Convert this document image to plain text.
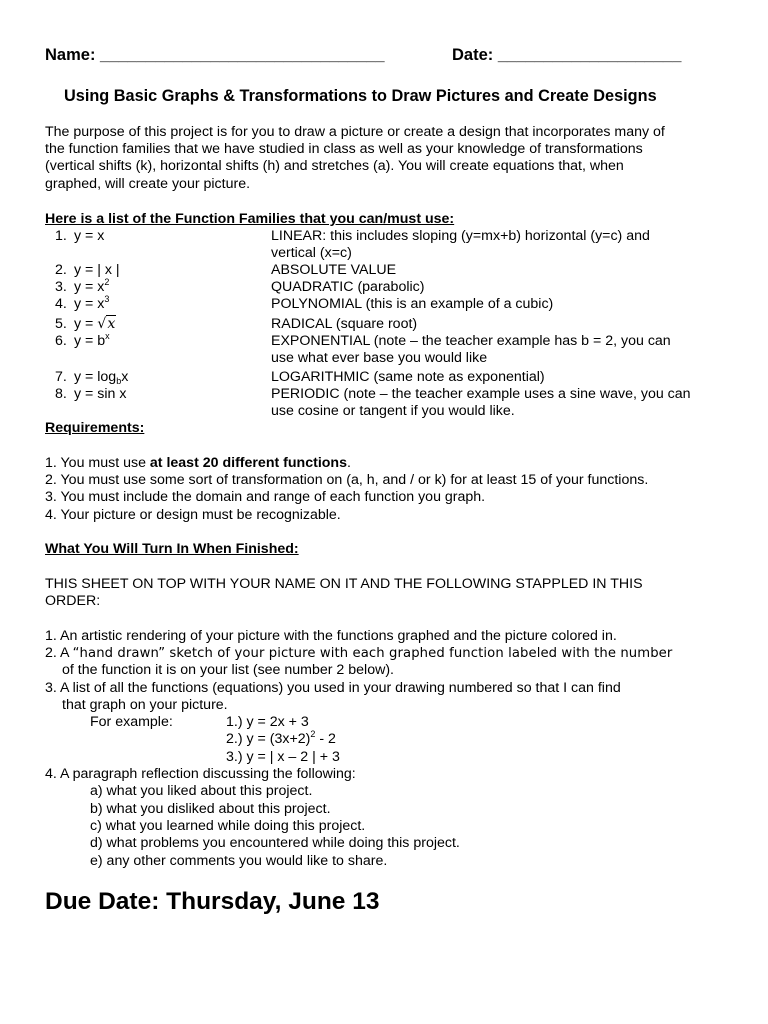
Name: _______________________________	Date: ____________________
Using Basic Graphs & Transformations to Draw Pictures and Create Designs
The purpose of this project is for you to draw a picture or create a design that incorporates many of
the function families that we have studied in class as well as your knowledge of transformations
(vertical shifts (k), horizontal shifts (h) and stretches (a). You will create equations that, when
graphed, will create your picture.
Here is a list of the Function Families that you can/must use:
1. y = x	LINEAR: this includes sloping (y=mx+b) horizontal (y=c) and
vertical (x=c)
2. y = | x |	ABSOLUTE VALUE
3. $y = x^2$	QUADRATIC (parabolic)
4. $y = x^3$	POLYNOMIAL (this is an example of a cubic)
5. y = √x	RADICAL (square root)
6. $y = b^x$	EXPONENTIAL (note – the teacher example has b = 2, you can
use what ever base you would like
7. $y = \log_bx$	LOGARITHMIC (same note as exponential)
8. y = sin x	PERIODIC (note – the teacher example uses a sine wave, you can
use cosine or tangent if you would like.
Requirements:
1. You must use at least 20 different functions.
2. You must use some sort of transformation on (a, h, and / or k) for at least 15 of your functions.
3. You must include the domain and range of each function you graph.
4. Your picture or design must be recognizable.
What You Will Turn In When Finished:
THIS SHEET ON TOP WITH YOUR NAME ON IT AND THE FOLLOWING STAPPLED IN THIS
ORDER:
1. An artistic rendering of your picture with the functions graphed and the picture colored in.
2. A “hand drawn” sketch of your picture with each graphed function labeled with the number
of the function it is on your list (see number 2 below).
3. A list of all the functions (equations) you used in your drawing numbered so that I can find
that graph on your picture.
For example:	1.) y = 2x + 3
2.) $y = (3x+2)^2 - 2$
3.) y = | x – 2 | + 3
4. A paragraph reflection discussing the following:
a) what you liked about this project.
b) what you disliked about this project.
c) what you learned while doing this project.
d) what problems you encountered while doing this project.
e) any other comments you would like to share.
Due Date: Thursday, June 13
